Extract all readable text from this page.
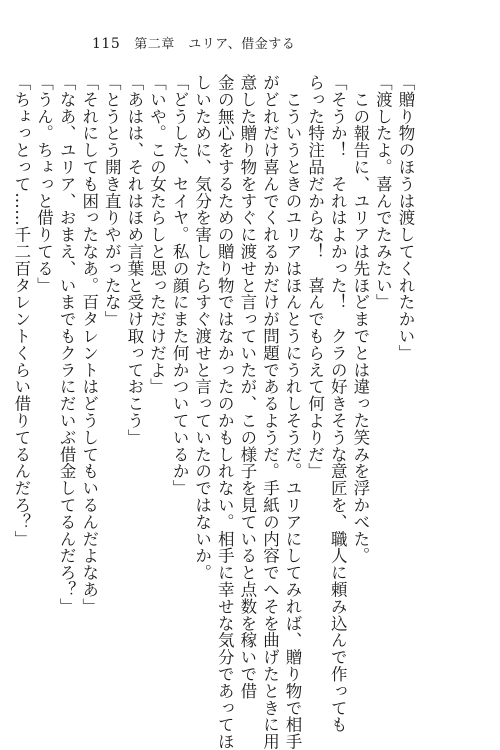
115 第二章　ユリア、借金する
「贈り物のほうは渡してくれたかい」
「渡したよ。喜んでたみたい」
　この報告に、ユリアは先ほどまでとは違った笑みを浮かべた。
「そうか！　それはよかった！　クラの好きそうな意匠を、職人に頼み込んで作っても
らった特注品だからな！　喜んでもらえて何よりだ」
　こういうときのユリアはほんとうにうれしそうだ。ユリアにしてみれば、贈り物で相手
がどれだけ喜んでくれるかだけが問題であるようだ。手紙の内容でへそを曲げたときに用
意した贈り物をすぐに渡せと言っていたが、この様子を見ていると点数を稼いで借
金の無心をするための贈り物ではなかったのかもしれない。相手に幸せな気分であってほ
しいために、気分を害したらすぐ渡せと言っていたのではないか。
「どうした、セイヤ。私の顔にまた何かついているか」
「いや。この女たらしと思っただけだよ」
「あはは、それはほめ言葉と受け取っておこう」
「とうとう開き直りやがったな」
「それにしても困ったなあ。百タレントはどうしてもいるんだよなあ」
「なあ、ユリア、おまえ、いまでもクラにだいぶ借金してるんだろ？」
「うん。ちょっと借りてる」
「ちょっとって……千二百タレントくらい借りてるんだろ？」
